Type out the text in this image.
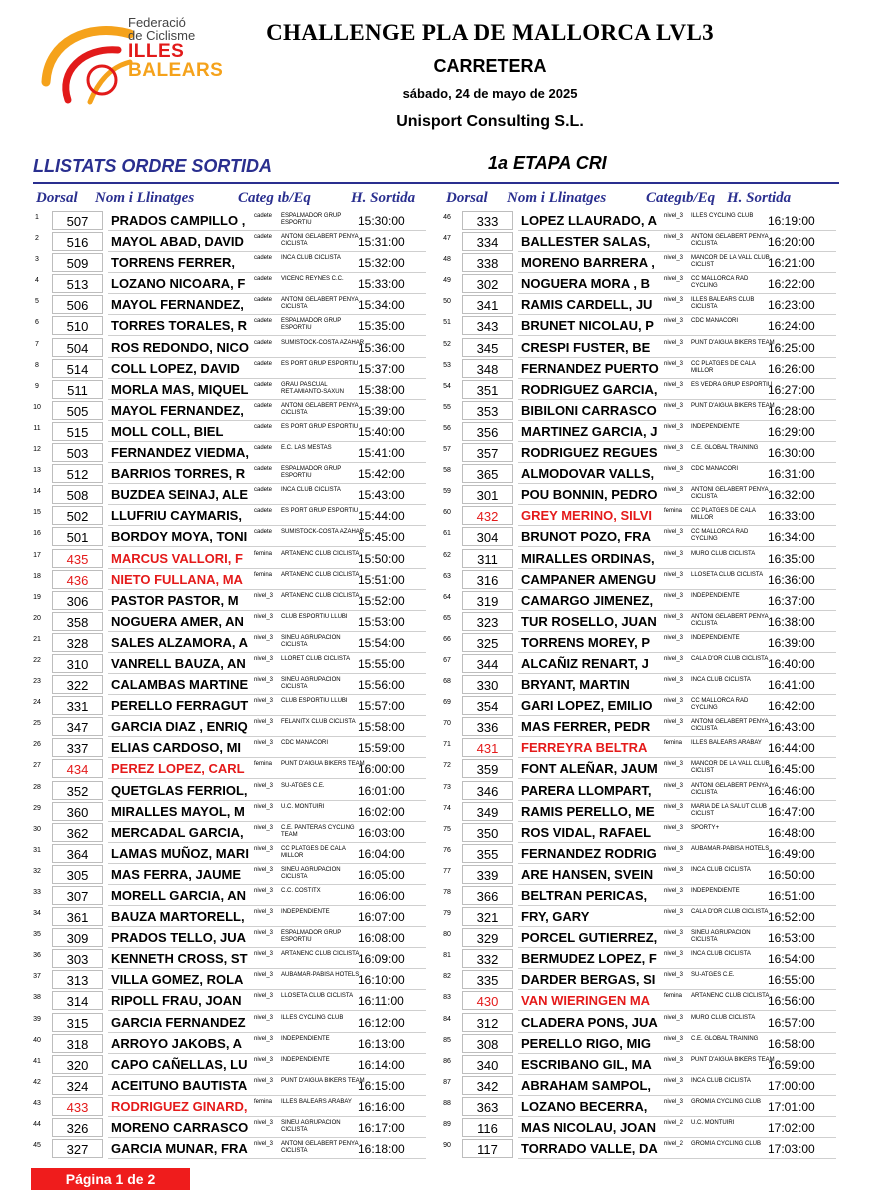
Federació
de Ciclisme
ILLES
BALEARS
CHALLENGE PLA DE MALLORCA LVL3
CARRETERA
sábado, 24 de mayo de 2025
Unisport Consulting S.L.
LLISTATS ORDRE SORTIDA	1a ETAPA CRI
Dorsal Nom i Llinatges	Categ ιb/Eq	H. Sortida Dorsal Nom i Llinatges	Categιb/Eq H. Sortida
1	507	PRADOS CAMPILLO ,	cadete ESPALMADOR GRUP ESPORTIU	15:30:00
2	516	MAYOL ABAD, DAVID	cadete ANTONI GELABERT PENYA CICLISTA	15:31:00
3	509	TORRENS FERRER,	cadete INCA CLUB CICLISTA	15:32:00
4	513	LOZANO NICOARA, F	cadete VICENC REYNES C.C.	15:33:00
5	506	MAYOL FERNANDEZ,	cadete ANTONI GELABERT PENYA CICLISTA	15:34:00
6	510	TORRES TORALES, R	cadete ESPALMADOR GRUP ESPORTIU	15:35:00
7	504	ROS REDONDO, NICO cadete SUMISTOCK-COSTA AZAHAR
15:36:00
8	514	COLL LOPEZ, DAVID	cadete ES PORT GRUP ESPORTIU 15:37:00
9	511	MORLA MAS, MIQUEL cadete GRAU PASCUAL RET.AMIANTO-SAXUN	15:38:00
10	505	MAYOL FERNANDEZ,	cadete ANTONI GELABERT PENYA CICLISTA	15:39:00
11	515	MOLL COLL, BIEL	cadete ES PORT GRUP ESPORTIU 15:40:00
12	503	FERNANDEZ VIEDMA, cadete E.C. LAS MESTAS	15:41:00
13	512	BARRIOS TORRES, R	cadete ESPALMADOR GRUP ESPORTIU	15:42:00
14	508	BUZDEA SEINAJ, ALE	cadete INCA CLUB CICLISTA	15:43:00
15	502	LLUFRIU CAYMARIS,	cadete ES PORT GRUP ESPORTIU 15:44:00
16	501	BORDOY MOYA, TONI	cadete SUMISTOCK-COSTA AZAHAR
15:45:00
17	435	MARCUS VALLORI, F	femina ARTANENC CLUB CICLISTA
15:50:00
18	436	NIETO FULLANA, MA	femina ARTANENC CLUB CICLISTA
15:51:00
19	306	PASTOR PASTOR, M	nivel_3 ARTANENC CLUB CICLISTA
15:52:00
20	358	NOGUERA AMER, AN	nivel_3 CLUB ESPORTIU LLUBI 15:53:00
21	328	SALES ALZAMORA, A	nivel_3 SINEU AGRUPACION CICLISTA	15:54:00
22	310	VANRELL BAUZA, AN	nivel_3 LLORET CLUB CICLISTA 15:55:00
23	322	CALAMBAS MARTINE nivel_3 SINEU AGRUPACION CICLISTA	15:56:00
24	331	PERELLO FERRAGUT nivel_3 CLUB ESPORTIU LLUBI 15:57:00
25	347	GARCIA DIAZ , ENRIQ	nivel_3 FELANITX CLUB CICLISTA 15:58:00
26	337	ELIAS CARDOSO, MI	nivel_3 CDC MANACORI	15:59:00
27	434	PEREZ LOPEZ, CARL	femina PUNT D'AIGUA BIKERS TEAM
16:00:00
28	352	QUETGLAS FERRIOL,	nivel_3 SU-ATGES C.E.	16:01:00
29	360	MIRALLES MAYOL, M	nivel_3 U.C. MONTUIRI	16:02:00
30	362	MERCADAL GARCIA,	nivel_3 C.E. PANTERAS CYCLING TEAM	16:03:00
31	364	LAMAS MUÑOZ, MARI nivel_3 CC PLATGES DE CALA MILLOR	16:04:00
32	305	MAS FERRA, JAUME	nivel_3 SINEU AGRUPACION CICLISTA	16:05:00
33	307	MORELL GARCIA, AN	nivel_3 C.C. COSTITX	16:06:00
34	361	BAUZA MARTORELL,	nivel_3 INDEPENDIENTE	16:07:00
35	309	PRADOS TELLO, JUA	nivel_3 ESPALMADOR GRUP ESPORTIU	16:08:00
36	303	KENNETH CROSS, ST	nivel_3 ARTANENC CLUB CICLISTA
16:09:00
37	313	VILLA GOMEZ, ROLA	nivel_3 AUBAMAR-PABISA HOTELS
16:10:00
38	314	RIPOLL FRAU, JOAN	nivel_3 LLOSETA CLUB CICLISTA 16:11:00
39	315	GARCIA FERNANDEZ	nivel_3 ILLES CYCLING CLUB	16:12:00
40	318	ARROYO JAKOBS, A	nivel_3 INDEPENDIENTE	16:13:00
41	320	CAPO CAÑELLAS, LU	nivel_3 INDEPENDIENTE	16:14:00
42	324	ACEITUNO BAUTISTA	nivel_3 PUNT D'AIGUA BIKERS TEAM
16:15:00
43	433	RODRIGUEZ GINARD,	femina ILLES BALEARS ARABAY 16:16:00
44	326	MORENO CARRASCO nivel_3 SINEU AGRUPACION CICLISTA	16:17:00
45	327	GARCIA MUNAR, FRA	nivel_3 ANTONI GELABERT PENYA CICLISTA	16:18:00
46	333	LOPEZ LLAURADO, A	nivel_3 ILLES CYCLING CLUB	16:19:00
47	334	BALLESTER SALAS,	nivel_3 ANTONI GELABERT PENYA CICLISTA	16:20:00
48	338	MORENO BARRERA ,	nivel_3 MANCOR DE LA VALL CLUB CICLIST	16:21:00
49	302	NOGUERA MORA , B	nivel_3 CC MALLORCA RAD CYCLING	16:22:00
50	341	RAMIS CARDELL, JU	nivel_3 ILLES BALEARS CLUB CICLISTA	16:23:00
51	343	BRUNET NICOLAU, P	nivel_3 CDC MANACORI	16:24:00
52	345	CRESPI FUSTER, BE	nivel_3 PUNT D'AIGUA BIKERS TEAM
16:25:00
53	348	FERNANDEZ PUERTO nivel_3 CC PLATGES DE CALA MILLOR	16:26:00
54	351	RODRIGUEZ GARCIA,	nivel_3 ES VEDRA GRUP ESPORTIU
16:27:00
55	353	BIBILONI CARRASCO	nivel_3 PUNT D'AIGUA BIKERS TEAM
16:28:00
56	356	MARTINEZ GARCIA, J	nivel_3 INDEPENDIENTE	16:29:00
57	357	RODRIGUEZ REGUES	nivel_3 C.E. GLOBAL TRAINING 16:30:00
58	365	ALMODOVAR VALLS,	nivel_3 CDC MANACORI	16:31:00
59	301	POU BONNIN, PEDRO	nivel_3 ANTONI GELABERT PENYA CICLISTA	16:32:00
60	432	GREY MERINO, SILVI	femina CC PLATGES DE CALA MILLOR	16:33:00
61	304	BRUNOT POZO, FRA	nivel_3 CC MALLORCA RAD CYCLING	16:34:00
62	311	MIRALLES ORDINAS,	nivel_3 MURO CLUB CICLISTA	16:35:00
63	316	CAMPANER AMENGU	nivel_3 LLOSETA CLUB CICLISTA 16:36:00
64	319	CAMARGO JIMENEZ,	nivel_3 INDEPENDIENTE	16:37:00
65	323	TUR ROSELLO, JUAN	nivel_3 ANTONI GELABERT PENYA CICLISTA	16:38:00
66	325	TORRENS MOREY, P	nivel_3 INDEPENDIENTE	16:39:00
67	344	ALCAÑIZ RENART, J	nivel_3 CALA D'OR CLUB CICLISTA 16:40:00
68	330	BRYANT, MARTIN	nivel_3 INCA CLUB CICLISTA	16:41:00
69	354	GARI LOPEZ, EMILIO	nivel_3 CC MALLORCA RAD CYCLING	16:42:00
70	336	MAS FERRER, PEDR	nivel_3 ANTONI GELABERT PENYA CICLISTA	16:43:00
71	431	FERREYRA BELTRA	femina ILLES BALEARS ARABAY 16:44:00
72	359	FONT ALEÑAR, JAUM	nivel_3 MANCOR DE LA VALL CLUB CICLIST	16:45:00
73	346	PARERA LLOMPART,	nivel_3 ANTONI GELABERT PENYA CICLISTA	16:46:00
74	349	RAMIS PERELLO, ME	nivel_3 MARIA DE LA SALUT CLUB CICLIST	16:47:00
75	350	ROS VIDAL, RAFAEL	nivel_3 SPORTY+	16:48:00
76	355	FERNANDEZ RODRIG	nivel_3 AUBAMAR-PABISA HOTELS
16:49:00
77	339	ARE HANSEN, SVEIN	nivel_3 INCA CLUB CICLISTA	16:50:00
78	366	BELTRAN PERICAS,	nivel_3 INDEPENDIENTE	16:51:00
79	321	FRY, GARY	nivel_3 CALA D'OR CLUB CICLISTA 16:52:00
80	329	PORCEL GUTIERREZ,	nivel_3 SINEU AGRUPACION CICLISTA	16:53:00
81	332	BERMUDEZ LOPEZ, F	nivel_3 INCA CLUB CICLISTA	16:54:00
82	335	DARDER BERGAS, SI	nivel_3 SU-ATGES C.E.	16:55:00
83	430	VAN WIERINGEN MA	femina ARTANENC CLUB CICLISTA
16:56:00
84	312	CLADERA PONS, JUA	nivel_3 MURO CLUB CICLISTA	16:57:00
85	308	PERELLO RIGO, MIG	nivel_3 C.E. GLOBAL TRAINING 16:58:00
86	340	ESCRIBANO GIL, MA	nivel_3 PUNT D'AIGUA BIKERS TEAM
16:59:00
87	342	ABRAHAM SAMPOL,	nivel_3 INCA CLUB CICLISTA	17:00:00
88	363	LOZANO BECERRA,	nivel_3 GROMIA CYCLING CLUB 17:01:00
89	116	MAS NICOLAU, JOAN	nivel_2 U.C. MONTUIRI	17:02:00
90	117	TORRADO VALLE, DA	nivel_2 GROMIA CYCLING CLUB 17:03:00
Página 1 de 2
